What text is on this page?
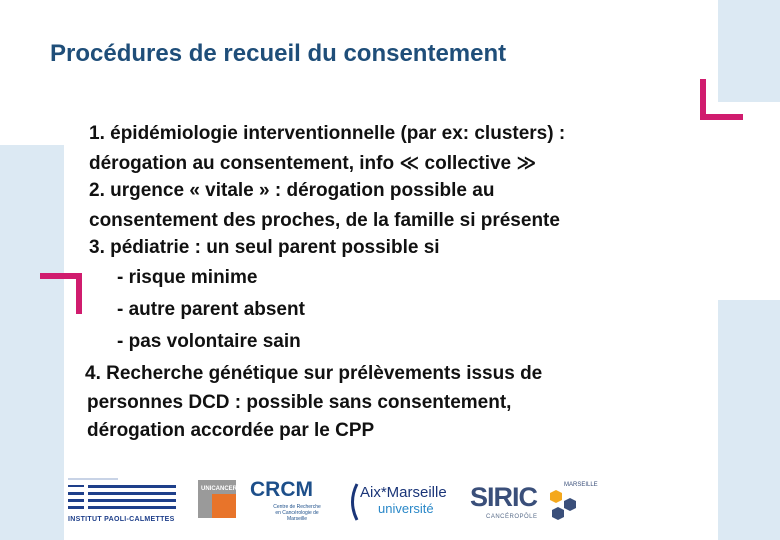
Procédures de recueil du consentement
1. épidémiologie interventionnelle (par ex: clusters) :
dérogation au consentement, info ≪ collective ≫
2. urgence « vitale » : dérogation possible au
consentement des proches, de la famille si présente
3. pédiatrie : un seul parent possible si
- risque minime
- autre parent absent
- pas volontaire sain
4. Recherche génétique sur prélèvements issus de
personnes DCD : possible sans consentement,
dérogation accordée par le CPP
INSTITUT PAOLI-CALMETTES
UNICANCER CRCM
Centre de Recherche en Cancérologie de Marseille
Aix*Marseille
université SIRIC	MARSEILLE
CANCÉROPÔLE
